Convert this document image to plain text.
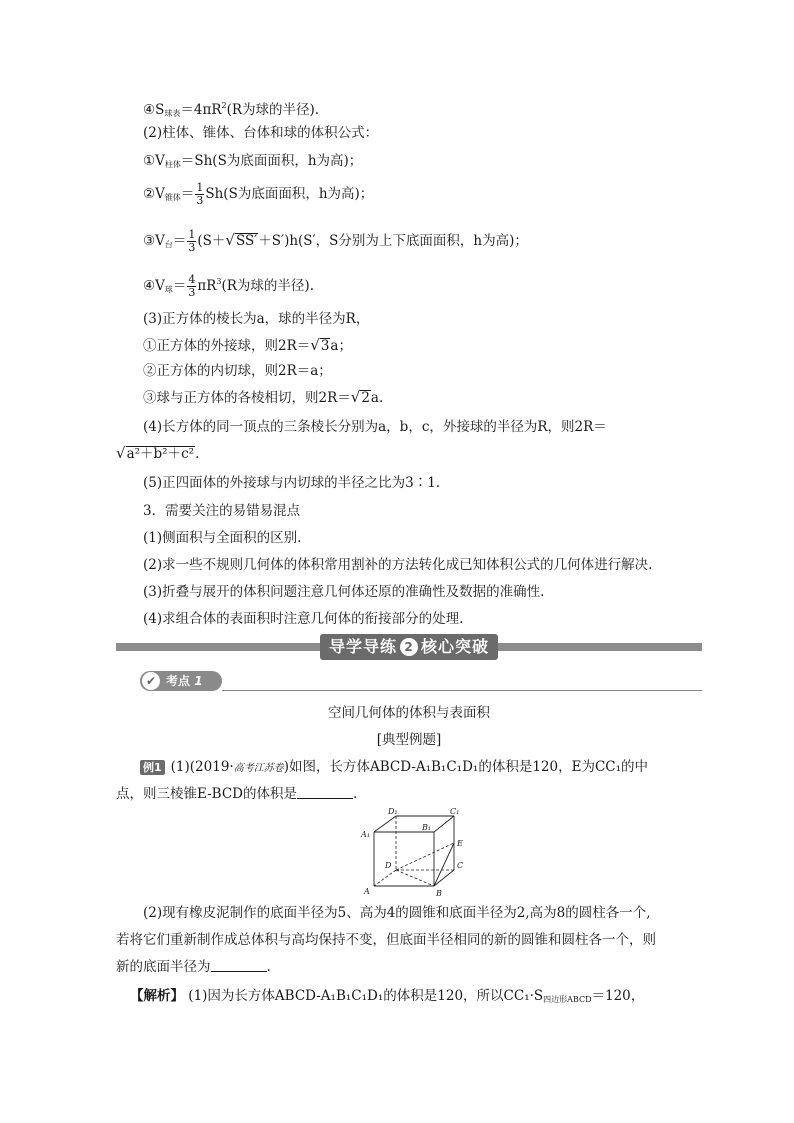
$④S_{球表}=4\pi R^2(R$为球的半径).
(2)柱体、锥体、台体和球的体积公式：
$①V_{柱体}=Sh(S$为底面面积，h为高)；
$②V_{锥体}= \frac{1}{3} Sh(S$为底面面积，h为高)；
$③V_台= \frac{1}{3} (S+√SS'+S')h(S'$，S分别为上下底面面积，h为高)；
$④V_球= \frac{4}{3} \pi R^3(R$为球的半径).
(3)正方体的棱长为a，球的半径为R，
①正方体的外接球，则2R＝√3a；
②正方体的内切球，则2R＝a；
③球与正方体的各棱相切，则2R＝√2a.
(4)长方体的同一顶点的三条棱长分别为a，b，c，外接球的半径为R，则2R＝
√a²＋b²＋c².
(5)正四面体的外接球与内切球的半径之比为3∶1.
3．需要关注的易错易混点
(1)侧面积与全面积的区别.
(2)求一些不规则几何体的体积常用割补的方法转化成已知体积公式的几何体进行解决.
(3)折叠与展开的体积问题注意几何体还原的准确性及数据的准确性.
(4)求组合体的表面积时注意几何体的衔接部分的处理.
导学导练 2 核心突破
✔ 考点 1
空间几何体的体积与表面积
[典型例题]
例1 (1)(2019·高考江苏卷)如图，长方体ABCD-A₁B₁C₁D₁的体积是120，E为CC₁的中
点，则三棱锥E-BCD的体积是	.
D₁	C₁
A₁
B₁
E
D	C
A	B
(2)现有橡皮泥制作的底面半径为5、高为4的圆锥和底面半径为2,高为8的圆柱各一个,
若将它们重新制作成总体积与高均保持不变，但底面半径相同的新的圆锥和圆柱各一个，则
新的底面半径为	.
【解析】 (1)因为长方体ABCD-A₁B₁C₁D₁的体积是120，所以$CC_1\cdot S_{四边形ABCD}=120$，
